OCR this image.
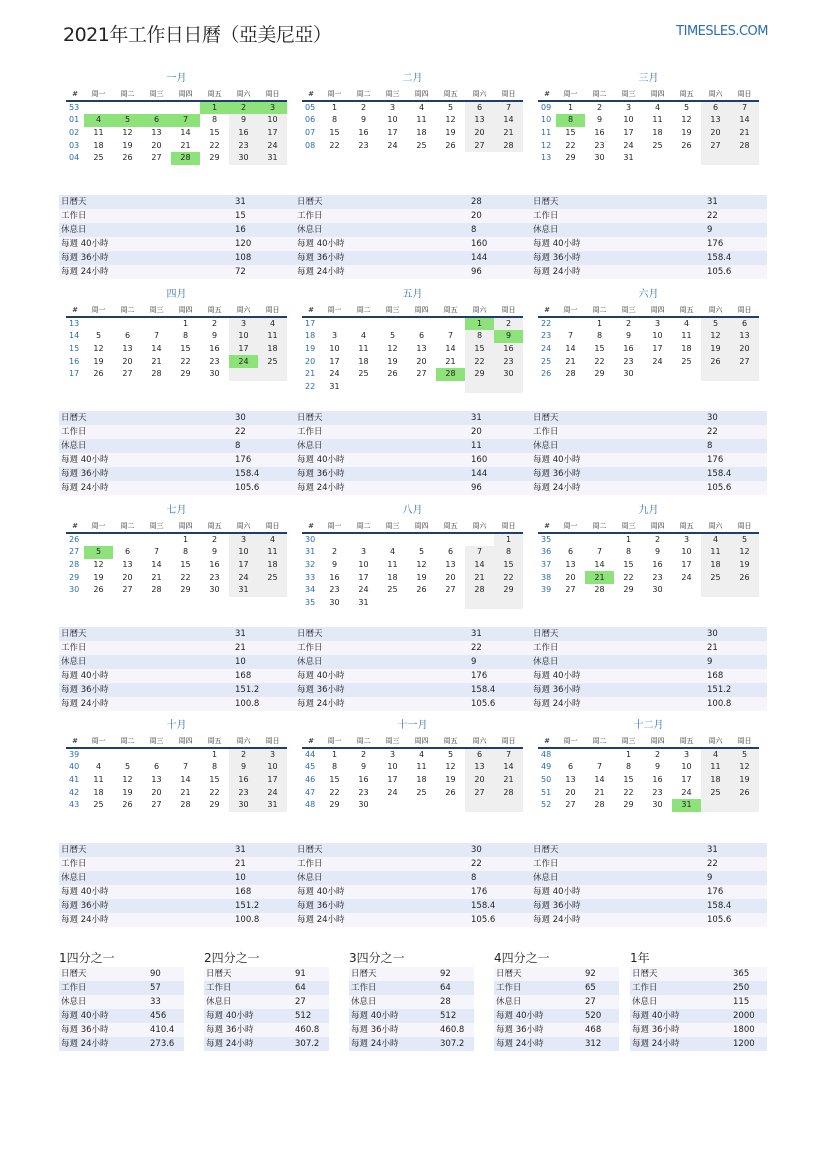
2021年工作日日曆（亞美尼亞）	TIMESLES.COM
一月
#	周一	周二	周三	周四	周五	周六	周日
53					1	2	3
01	4	5	6	7	8	9	10
02	11	12	13	14	15	16	17
03	18	19	20	21	22	23	24
04	25	26	27	28	29	30	31
日曆天	31
工作日	15
休息日	16
每週 40小時	120
每週 36小時	108
每週 24小時	72
二月
#	周一	周二	周三	周四	周五	周六	周日
05	1	2	3	4	5	6	7
06	8	9	10	11	12	13	14
07	15	16	17	18	19	20	21
08	22	23	24	25	26	27	28
日曆天	28
工作日	20
休息日	8
每週 40小時	160
每週 36小時	144
每週 24小時	96
三月
#	周一	周二	周三	周四	周五	周六	周日
09	1	2	3	4	5	6	7
10	8	9	10	11	12	13	14
11	15	16	17	18	19	20	21
12	22	23	24	25	26	27	28
13	29	30	31				
日曆天	31
工作日	22
休息日	9
每週 40小時	176
每週 36小時	158.4
每週 24小時	105.6
四月
#	周一	周二	周三	周四	周五	周六	周日
13				1	2	3	4
14	5	6	7	8	9	10	11
15	12	13	14	15	16	17	18
16	19	20	21	22	23	24	25
17	26	27	28	29	30		
日曆天	30
工作日	22
休息日	8
每週 40小時	176
每週 36小時	158.4
每週 24小時	105.6
五月
#	周一	周二	周三	周四	周五	周六	周日
17						1	2
18	3	4	5	6	7	8	9
19	10	11	12	13	14	15	16
20	17	18	19	20	21	22	23
21	24	25	26	27	28	29	30
22	31						
日曆天	31
工作日	20
休息日	11
每週 40小時	160
每週 36小時	144
每週 24小時	96
六月
#	周一	周二	周三	周四	周五	周六	周日
22		1	2	3	4	5	6
23	7	8	9	10	11	12	13
24	14	15	16	17	18	19	20
25	21	22	23	24	25	26	27
26	28	29	30				
日曆天	30
工作日	22
休息日	8
每週 40小時	176
每週 36小時	158.4
每週 24小時	105.6
七月
#	周一	周二	周三	周四	周五	周六	周日
26				1	2	3	4
27	5	6	7	8	9	10	11
28	12	13	14	15	16	17	18
29	19	20	21	22	23	24	25
30	26	27	28	29	30	31	
日曆天	31
工作日	21
休息日	10
每週 40小時	168
每週 36小時	151.2
每週 24小時	100.8
八月
#	周一	周二	周三	周四	周五	周六	周日
30							1
31	2	3	4	5	6	7	8
32	9	10	11	12	13	14	15
33	16	17	18	19	20	21	22
34	23	24	25	26	27	28	29
35	30	31					
日曆天	31
工作日	22
休息日	9
每週 40小時	176
每週 36小時	158.4
每週 24小時	105.6
九月
#	周一	周二	周三	周四	周五	周六	周日
35			1	2	3	4	5
36	6	7	8	9	10	11	12
37	13	14	15	16	17	18	19
38	20	21	22	23	24	25	26
39	27	28	29	30			
日曆天	30
工作日	21
休息日	9
每週 40小時	168
每週 36小時	151.2
每週 24小時	100.8
十月
#	周一	周二	周三	周四	周五	周六	周日
39					1	2	3
40	4	5	6	7	8	9	10
41	11	12	13	14	15	16	17
42	18	19	20	21	22	23	24
43	25	26	27	28	29	30	31
日曆天	31
工作日	21
休息日	10
每週 40小時	168
每週 36小時	151.2
每週 24小時	100.8
十一月
#	周一	周二	周三	周四	周五	周六	周日
44	1	2	3	4	5	6	7
45	8	9	10	11	12	13	14
46	15	16	17	18	19	20	21
47	22	23	24	25	26	27	28
48	29	30					
日曆天	30
工作日	22
休息日	8
每週 40小時	176
每週 36小時	158.4
每週 24小時	105.6
十二月
#	周一	周二	周三	周四	周五	周六	周日
48			1	2	3	4	5
49	6	7	8	9	10	11	12
50	13	14	15	16	17	18	19
51	20	21	22	23	24	25	26
52	27	28	29	30	31		
日曆天	31
工作日	22
休息日	9
每週 40小時	176
每週 36小時	158.4
每週 24小時	105.6
1四分之一
日曆天	90
工作日	57
休息日	33
每週 40小時	456
每週 36小時	410.4
每週 24小時	273.6
2四分之一
日曆天	91
工作日	64
休息日	27
每週 40小時	512
每週 36小時	460.8
每週 24小時	307.2
3四分之一
日曆天	92
工作日	64
休息日	28
每週 40小時	512
每週 36小時	460.8
每週 24小時	307.2
4四分之一
日曆天	92
工作日	65
休息日	27
每週 40小時	520
每週 36小時	468
每週 24小時	312
1年
日曆天	365
工作日	250
休息日	115
每週 40小時	2000
每週 36小時	1800
每週 24小時	1200
